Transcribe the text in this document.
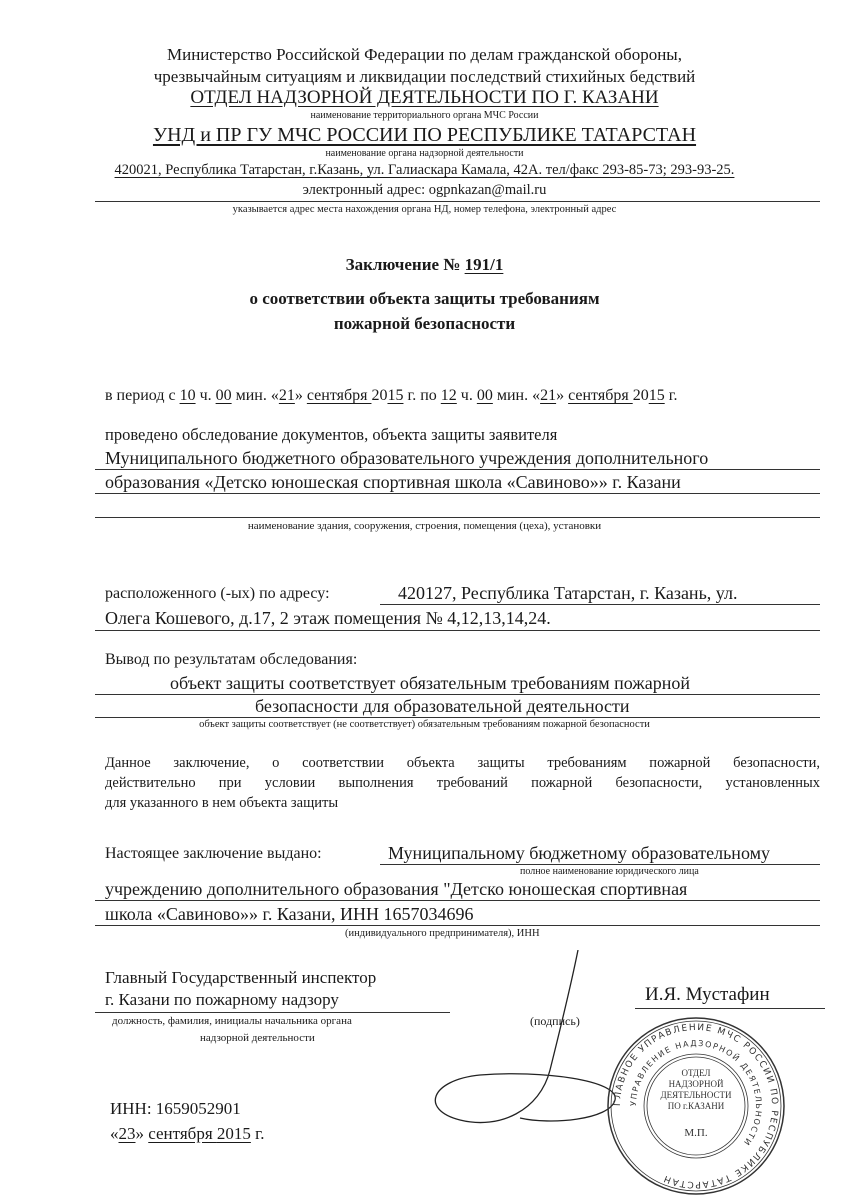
Министерство Российской Федерации по делам гражданской обороны,
чрезвычайным ситуациям и ликвидации последствий стихийных бедствий
ОТДЕЛ НАДЗОРНОЙ ДЕЯТЕЛЬНОСТИ ПО Г. КАЗАНИ
наименование территориального органа МЧС России
УНД и ПР ГУ МЧС РОССИИ ПО РЕСПУБЛИКЕ ТАТАРСТАН
наименование органа надзорной деятельности
420021, Республика Татарстан, г.Казань, ул. Галиаскара Камала, 42А. тел/факс 293-85-73; 293-93-25.
электронный адрес: ogpnkazan@mail.ru
указывается адрес места нахождения органа НД, номер телефона, электронный адрес
Заключение № 191/1
о соответствии объекта защиты требованиям
пожарной безопасности
в период с 10 ч. 00 мин. «21» сентября 2015 г. по 12 ч. 00 мин. «21» сентября 2015 г.
проведено обследование документов, объекта защиты заявителя
Муниципального бюджетного образовательного учреждения дополнительного
образования «Детско юношеская спортивная школа «Савиново»» г. Казани
наименование здания, сооружения, строения, помещения (цеха), установки
расположенного (-ых) по адресу:	420127, Республика Татарстан, г. Казань, ул.
Олега Кошевого, д.17, 2 этаж помещения № 4,12,13,14,24.
Вывод по результатам обследования:
объект защиты соответствует обязательным требованиям пожарной
безопасности для образовательной деятельности
объект защиты соответствует (не соответствует) обязательным требованиям пожарной безопасности
Данное заключение, о соответствии объекта защиты требованиям пожарной безопасности,
действительно при условии выполнения требований пожарной безопасности, установленных
для указанного в нем объекта защиты
Настоящее заключение выдано:	Муниципальному бюджетному образовательному
полное наименование юридического лица
учреждению дополнительного образования "Детско юношеская спортивная
школа «Савиново»» г. Казани, ИНН 1657034696
(индивидуального предпринимателя), ИНН
Главный Государственный инспектор
г. Казани по пожарному надзору
должность, фамилия, инициалы начальника органа
надзорной деятельности
(подпись)
И.Я. Мустафин
ГЛАВНОЕ УПРАВЛЕНИЕ МЧС РОССИИ ПО РЕСПУБЛИКЕ ТАТАРСТАН
УПРАВЛЕНИЕ НАДЗОРНОЙ ДЕЯТЕЛЬНОСТИ
ОТДЕЛ НАДЗОРНОЙ ДЕЯТЕЛЬНОСТИ ПО г.КАЗАНИ
М.П.
ИНН: 1659052901
«23» сентября 2015 г.
